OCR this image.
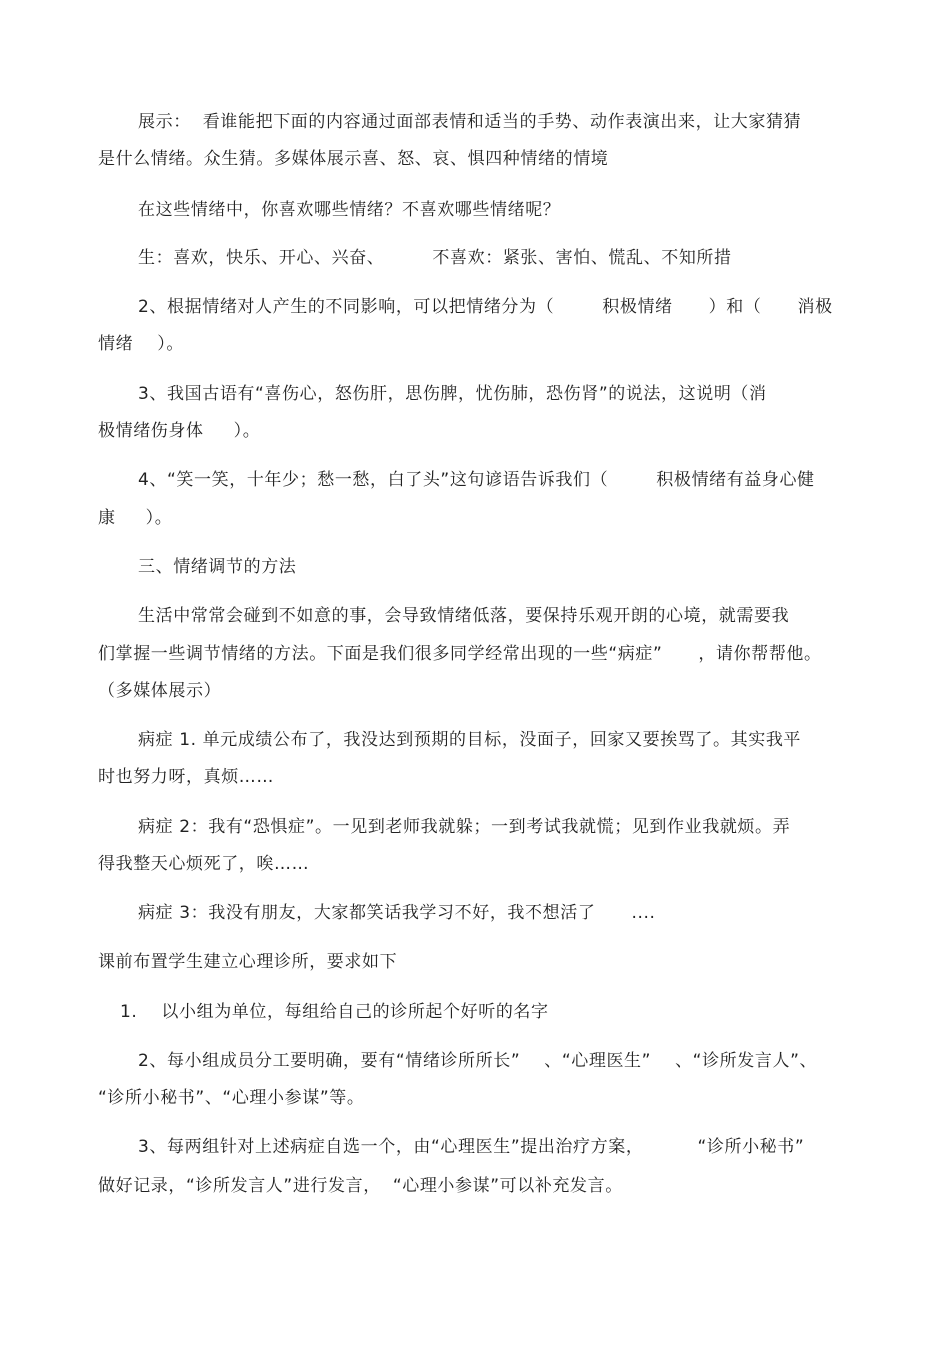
展示：  看谁能把下面的内容通过面部表情和适当的手势、动作表演出来，让大家猜猜
是什么情绪。众生猜。多媒体展示喜、怒、哀、惧四种情绪的情境
在这些情绪中，你喜欢哪些情绪？不喜欢哪些情绪呢？
生：喜欢，快乐、开心、兴奋、        不喜欢：紧张、害怕、慌乱、不知所措
2、根据情绪对人产生的不同影响，可以把情绪分为（        积极情绪      ）和（      消极
情绪    ）。
3、我国古语有“喜伤心，怒伤肝，思伤脾，忧伤肺，恐伤肾”的说法，这说明（消
极情绪伤身体     ）。
4、“笑一笑，十年少；愁一愁，白了头”这句谚语告诉我们（        积极情绪有益身心健
康     ）。
三、情绪调节的方法
生活中常常会碰到不如意的事，会导致情绪低落，要保持乐观开朗的心境，就需要我
们掌握一些调节情绪的方法。下面是我们很多同学经常出现的一些“病症”      ，请你帮帮他。
（多媒体展示）
病症 1. 单元成绩公布了，我没达到预期的目标，没面子，回家又要挨骂了。其实我平
时也努力呀，真烦……
病症 2：我有“恐惧症”。一见到老师我就躲；一到考试我就慌；见到作业我就烦。弄
得我整天心烦死了，唉……
病症 3：我没有朋友，大家都笑话我学习不好，我不想活了      ....
课前布置学生建立心理诊所，要求如下
1.    以小组为单位，每组给自己的诊所起个好听的名字
2、每小组成员分工要明确，要有“情绪诊所所长”    、“心理医生”    、“诊所发言人”、
“诊所小秘书”、“心理小参谋”等。
3、每两组针对上述病症自选一个，由“心理医生”提出治疗方案，         “诊所小秘书”
做好记录，“诊所发言人”进行发言，  “心理小参谋”可以补充发言。
